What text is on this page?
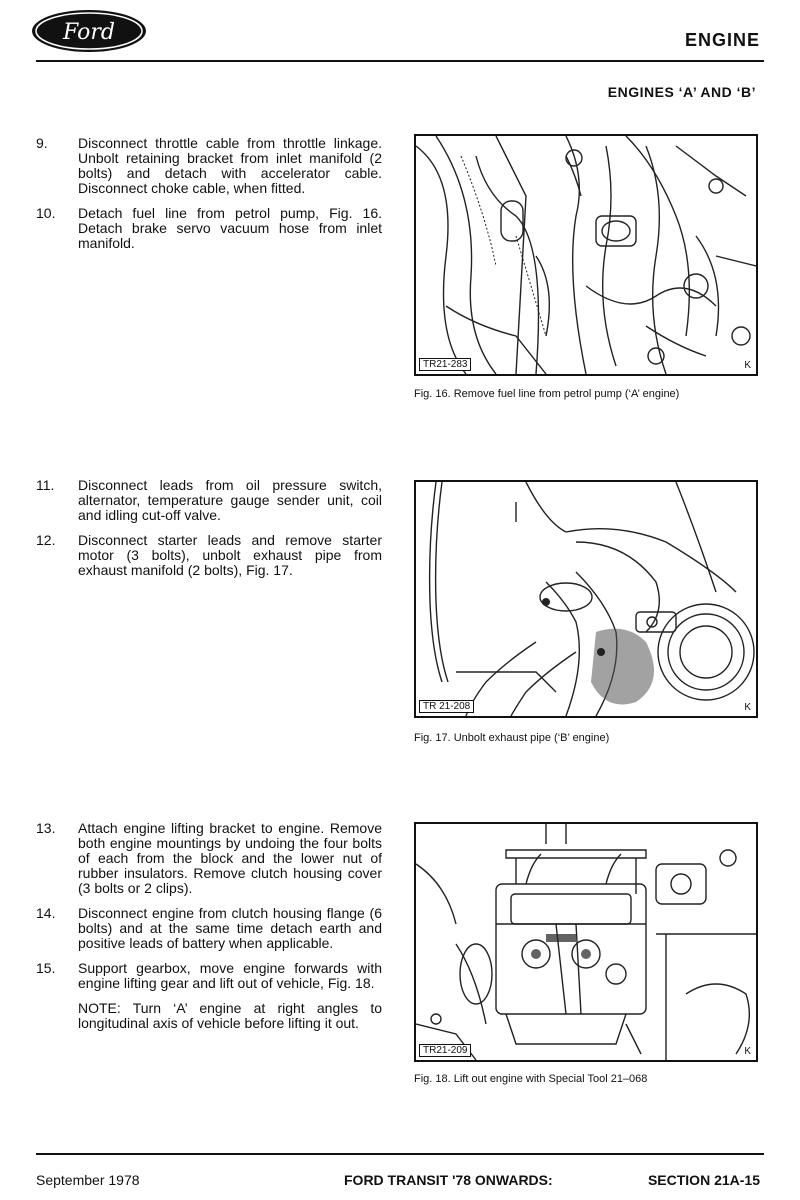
Ford	ENGINE
ENGINES ‘A’ AND ‘B’
9.	Disconnect throttle cable from throttle linkage. Unbolt retaining bracket from inlet manifold (2 bolts) and detach with accelerator cable. Disconnect choke cable, when fitted.
10.	Detach fuel line from petrol pump, Fig. 16. Detach brake servo vacuum hose from inlet manifold.
TR21-283	K
Fig. 16. Remove fuel line from petrol pump (‘A’ engine)
11.	Disconnect leads from oil pressure switch, alternator, temperature gauge sender unit, coil and idling cut-off valve.
12.	Disconnect starter leads and remove starter motor (3 bolts), unbolt exhaust pipe from exhaust manifold (2 bolts), Fig. 17.
TR 21-208	K
Fig. 17. Unbolt exhaust pipe (‘B’ engine)
13.	Attach engine lifting bracket to engine. Remove both engine mountings by undoing the four bolts of each from the block and the lower nut of rubber insulators. Remove clutch housing cover (3 bolts or 2 clips).
14.	Disconnect engine from clutch housing flange (6 bolts) and at the same time detach earth and positive leads of battery when applicable.
15.	Support gearbox, move engine forwards with engine lifting gear and lift out of vehicle, Fig. 18.
NOTE: Turn ‘A’ engine at right angles to longitudinal axis of vehicle before lifting it out.
TR21-209	K
Fig. 18. Lift out engine with Special Tool 21–068
September 1978	FORD TRANSIT '78 ONWARDS:	SECTION 21A-15
